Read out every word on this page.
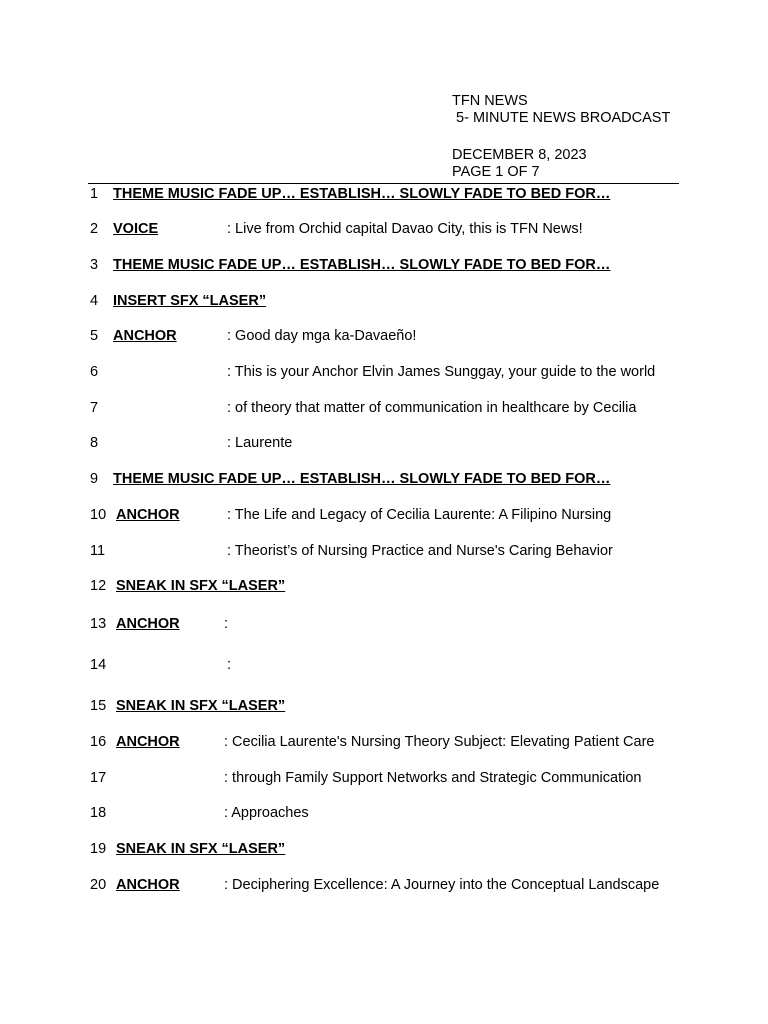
TFN NEWS
5- MINUTE NEWS BROADCAST
DECEMBER 8, 2023
PAGE 1 OF 7
1 THEME MUSIC FADE UP… ESTABLISH… SLOWLY FADE TO BED FOR…
2 VOICE	: Live from Orchid capital Davao City, this is TFN News!
3 THEME MUSIC FADE UP… ESTABLISH… SLOWLY FADE TO BED FOR…
4 INSERT SFX “LASER”
5 ANCHOR	: Good day mga ka-Davaeño!
6	: This is your Anchor Elvin James Sunggay, your guide to the world
7	: of theory that matter of communication in healthcare by Cecilia
8	: Laurente
9 THEME MUSIC FADE UP… ESTABLISH… SLOWLY FADE TO BED FOR…
10 ANCHOR	: The Life and Legacy of Cecilia Laurente: A Filipino Nursing
11	: Theorist’s of Nursing Practice and Nurse's Caring Behavior
12 SNEAK IN SFX “LASER”
13 ANCHOR	:
14	:
15 SNEAK IN SFX “LASER”
16 ANCHOR	: Cecilia Laurente's Nursing Theory Subject: Elevating Patient Care
17	: through Family Support Networks and Strategic Communication
18	: Approaches
19 SNEAK IN SFX “LASER”
20 ANCHOR	: Deciphering Excellence: A Journey into the Conceptual Landscape
